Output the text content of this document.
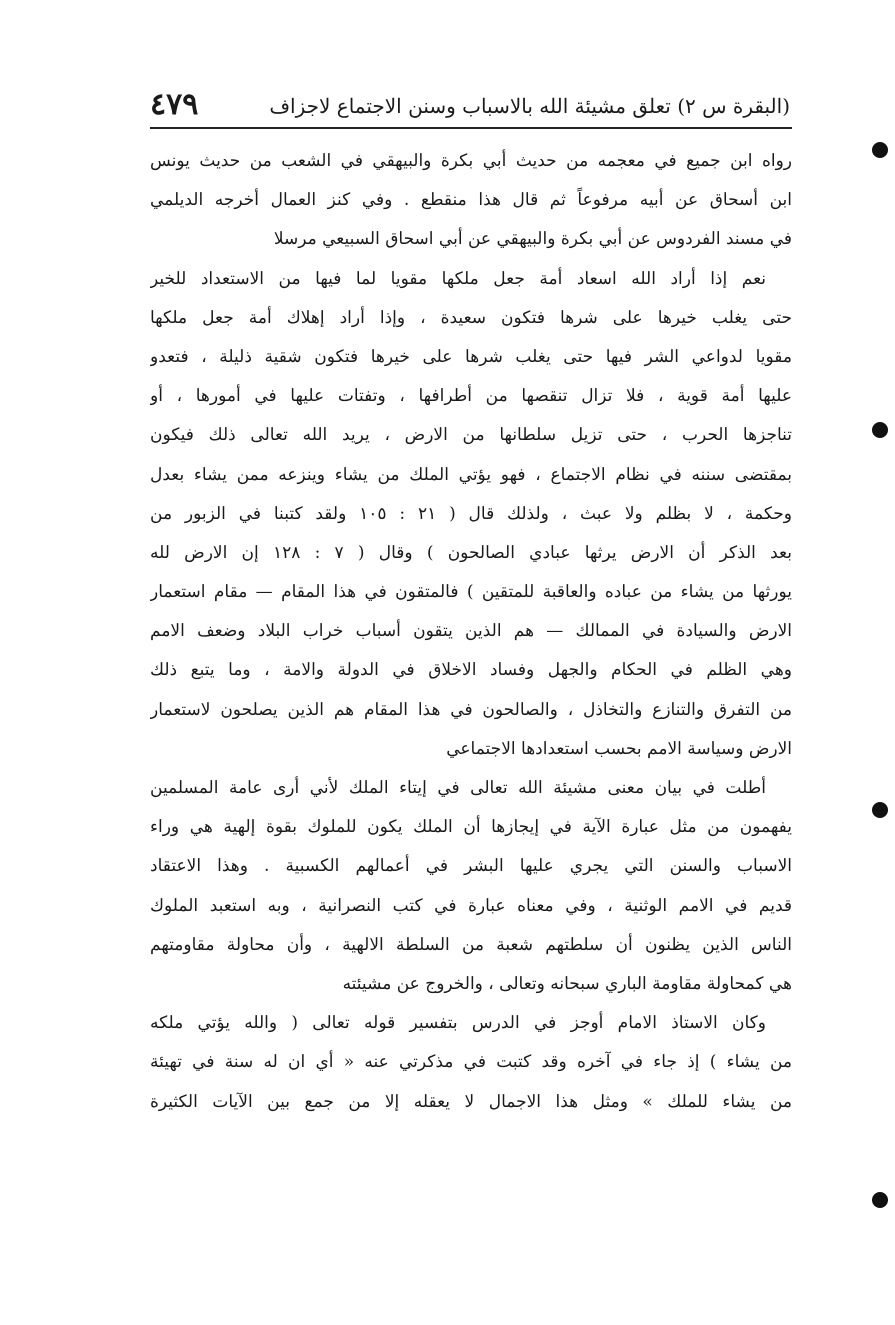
(البقرة س ٢) تعلق مشيئة الله بالاسباب وسنن الاجتماع لاجزاف
٤٧٩
رواه ابن جميع في معجمه من حديث أبي بكرة والبيهقي في الشعب من حديث يونس
ابن أسحاق عن أبيه مرفوعاً ثم قال هذا منقطع . وفي كنز العمال أخرجه الديلمي
في مسند الفردوس عن أبي بكرة والبيهقي عن أبي اسحاق السبيعي مرسلا
نعم إذا أراد الله اسعاد أمة جعل ملكها مقويا لما فيها من الاستعداد للخير
حتى يغلب خيرها على شرها فتكون سعيدة ، وإذا أراد إهلاك أمة جعل ملكها
مقويا لدواعي الشر فيها حتى يغلب شرها على خيرها فتكون شقية ذليلة ، فتعدو
عليها أمة قوية ، فلا تزال تنقصها من أطرافها ، وتفتات عليها في أمورها ، أو
تناجزها الحرب ، حتى تزيل سلطانها من الارض ، يريد الله تعالى ذلك فيكون
بمقتضى سننه في نظام الاجتماع ، فهو يؤتي الملك من يشاء وينزعه ممن يشاء بعدل
وحكمة ، لا بظلم ولا عبث ، ولذلك قال ( ٢١ : ١٠٥ ولقد كتبنا في الزبور من
بعد الذكر أن الارض يرثها عبادي الصالحون ) وقال ( ٧ : ١٢٨ إن الارض لله
يورثها من يشاء من عباده والعاقبة للمتقين ) فالمتقون في هذا المقام — مقام استعمار
الارض والسيادة في الممالك — هم الذين يتقون أسباب خراب البلاد وضعف الامم
وهي الظلم في الحكام والجهل وفساد الاخلاق في الدولة والامة ، وما يتبع ذلك
من التفرق والتنازع والتخاذل ، والصالحون في هذا المقام هم الذين يصلحون لاستعمار
الارض وسياسة الامم بحسب استعدادها الاجتماعي
أطلت في بيان معنى مشيئة الله تعالى في إيتاء الملك لأني أرى عامة المسلمين
يفهمون من مثل عبارة الآية في إيجازها أن الملك يكون للملوك بقوة إلهية هي وراء
الاسباب والسنن التي يجري عليها البشر في أعمالهم الكسبية . وهذا الاعتقاد
قديم في الامم الوثنية ، وفي معناه عبارة في كتب النصرانية ، وبه استعبد الملوك
الناس الذين يظنون أن سلطتهم شعبة من السلطة الالهية ، وأن محاولة مقاومتهم
هي كمحاولة مقاومة الباري سبحانه وتعالى ، والخروج عن مشيئته
وكان الاستاذ الامام أوجز في الدرس بتفسير قوله تعالى ( والله يؤتي ملكه
من يشاء ) إذ جاء في آخره وقد كتبت في مذكرتي عنه « أي ان له سنة في تهيئة
من يشاء للملك » ومثل هذا الاجمال لا يعقله إلا من جمع بين الآيات الكثيرة
